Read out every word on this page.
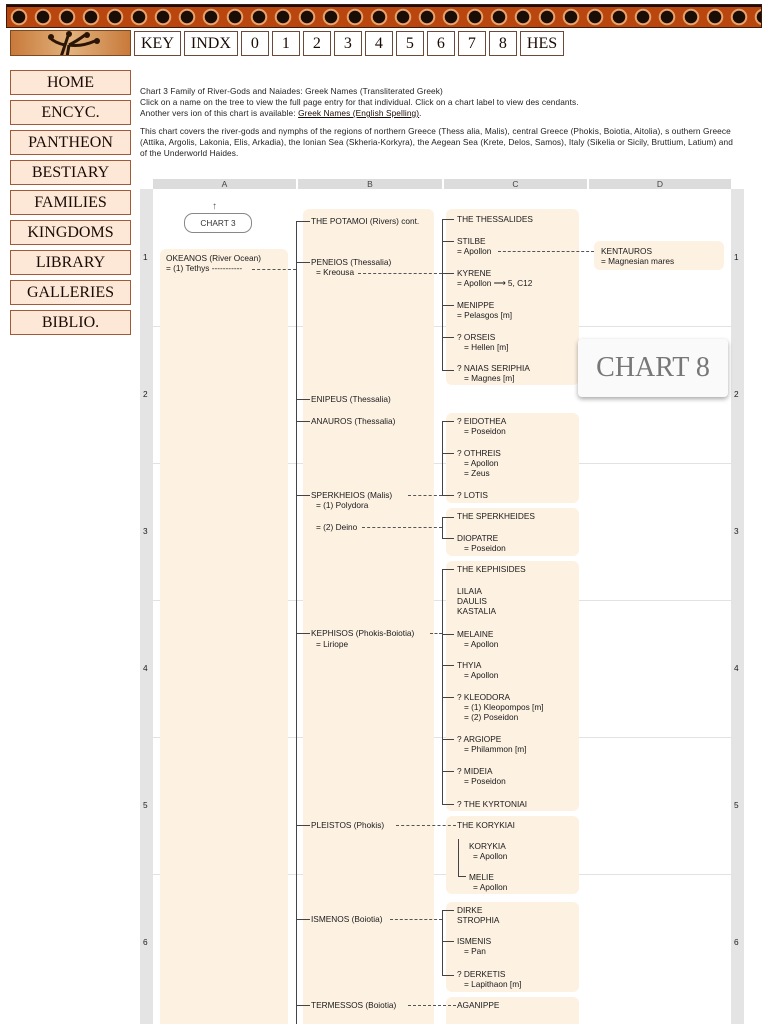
KEY	INDX	0	1	2	3	4	5	6	7	8	HES
HOME
ENCYC.
PANTHEON
BESTIARY
FAMILIES
KINGDOMS
LIBRARY
GALLERIES
BIBLIO.

Chart 3 Family of River-Gods and Naiades: Greek Names (Transliterated Greek)

Click on a name on the tree to view the full page entry for that individual. Click on a chart label to view des cendants.

Another vers ion of this chart is available: Greek Names (English Spelling).

This chart covers the river-gods and nymphs of the regions of northern Greece (Thess alia, Malis), central Greece (Phokis, Boiotia, Aitolia), s outhern Greece (Attika, Argolis, Lakonia, Elis, Arkadia), the Ionian Sea (Skheria-Korkyra), the Aegean Sea (Krete, Delos, Samos), Italy (Sikelia or Sicily, Bruttium, Latium) and of the Underworld Haides.

A	B	C	D
1
2
3
4
5
6
1
2
3
4
5
6
↑
CHART 3
CHART 8
OKEANOS (River Ocean)
= (1) Tethys -----------
THE POTAMOI (Rivers) cont.
PENEIOS (Thessalia)
= Kreousa
ENIPEUS (Thessalia)
ANAUROS (Thessalia)
SPERKHEIOS (Malis)
= (1) Polydora
= (2) Deino
KEPHISOS (Phokis-Boiotia)
= Liriope
PLEISTOS (Phokis)
ISMENOS (Boiotia)
TERMESSOS (Boiotia)
THE THESSALIDES
STILBE
= Apollon
KYRENE
= Apollon ⟶ 5, C12
MENIPPE
= Pelasgos [m]
? ORSEIS
= Hellen [m]
? NAIAS SERIPHIA
= Magnes [m]
? EIDOTHEA
= Poseidon
? OTHREIS
= Apollon
= Zeus
? LOTIS
THE SPERKHEIDES
DIOPATRE
= Poseidon
THE KEPHISIDES
LILAIA
DAULIS
KASTALIA
MELAINE
= Apollon
THYIA
= Apollon
? KLEODORA
= (1) Kleopompos [m]
= (2) Poseidon
? ARGIOPE
= Philammon [m]
? MIDEIA
= Poseidon
? THE KYRTONIAI
THE KORYKIAI
KORYKIA
= Apollon
MELIE
= Apollon
DIRKE
STROPHIA
ISMENIS
= Pan
? DERKETIS
= Lapithaon [m]
AGANIPPE
KENTAUROS
= Magnesian mares
